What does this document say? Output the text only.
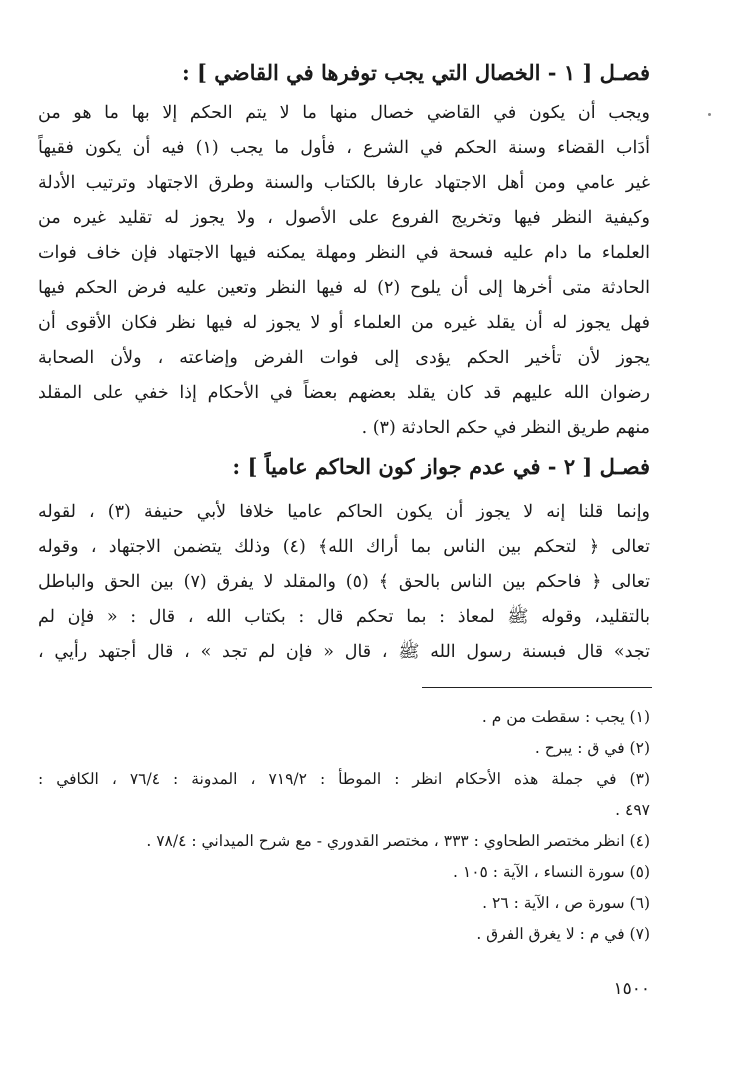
فصـل [ ١ - الخصال التي يجب توفرها في القاضي ] :
ويجب أن يكون في القاضي خصال منها ما لا يتم الحكم إلا بها ما هو من
أدَاب القضاء وسنة الحكم في الشرع ، فأول ما يجب (١) فيه أن يكون فقيهاً
غير عامي ومن أهل الاجتهاد عارفا بالكتاب والسنة وطرق الاجتهاد وترتيب الأدلة
وكيفية النظر فيها وتخريج الفروع على الأصول ، ولا يجوز له تقليد غيره من
العلماء ما دام عليه فسحة في النظر ومهلة يمكنه فيها الاجتهاد فإن خاف فوات
الحادثة متى أخرها إلى أن يلوح (٢) له فيها النظر وتعين عليه فرض الحكم فيها
فهل يجوز له أن يقلد غيره من العلماء أو لا يجوز له فيها نظر فكان الأقوى أن
يجوز لأن تأخير الحكم يؤدى إلى فوات الفرض وإضاعته ، ولأن الصحابة
رضوان الله عليهم قد كان يقلد بعضهم بعضاً في الأحكام إذا خفي على المقلد
منهم طريق النظر في حكم الحادثة (٣) .
فصـل [ ٢ - في عدم جواز كون الحاكم عامياً ] :
وإنما قلنا إنه لا يجوز أن يكون الحاكم عاميا خلافا لأبي حنيفة (٣) ، لقوله
تعالى ﴿ لتحكم بين الناس بما أراك الله﴾ (٤) وذلك يتضمن الاجتهاد ، وقوله
تعالى ﴿ فاحكم بين الناس بالحق ﴾ (٥) والمقلد لا يفرق (٧) بين الحق والباطل
بالتقليد، وقوله ﷺ لمعاذ : بما تحكم قال : بكتاب الله ، قال : « فإن لم
تجد» قال فبسنة رسول الله ﷺ ، قال « فإن لم تجد » ، قال أجتهد رأيي ،
(١) يجب : سقطت من م .
(٢) في ق : يبرح .
(٣) في جملة هذه الأحكام انظر : الموطأ : ٧١٩/٢ ، المدونة : ٧٦/٤ ، الكافي :
٤٩٧ .
(٤) انظر مختصر الطحاوي : ٣٣٣ ، مختصر القدوري - مع شرح الميداني : ٧٨/٤ .
(٥) سورة النساء ، الآية : ١٠٥ .
(٦) سورة ص ، الآية : ٢٦ .
(٧) في م : لا يغرق الفرق .
١٥٠٠
